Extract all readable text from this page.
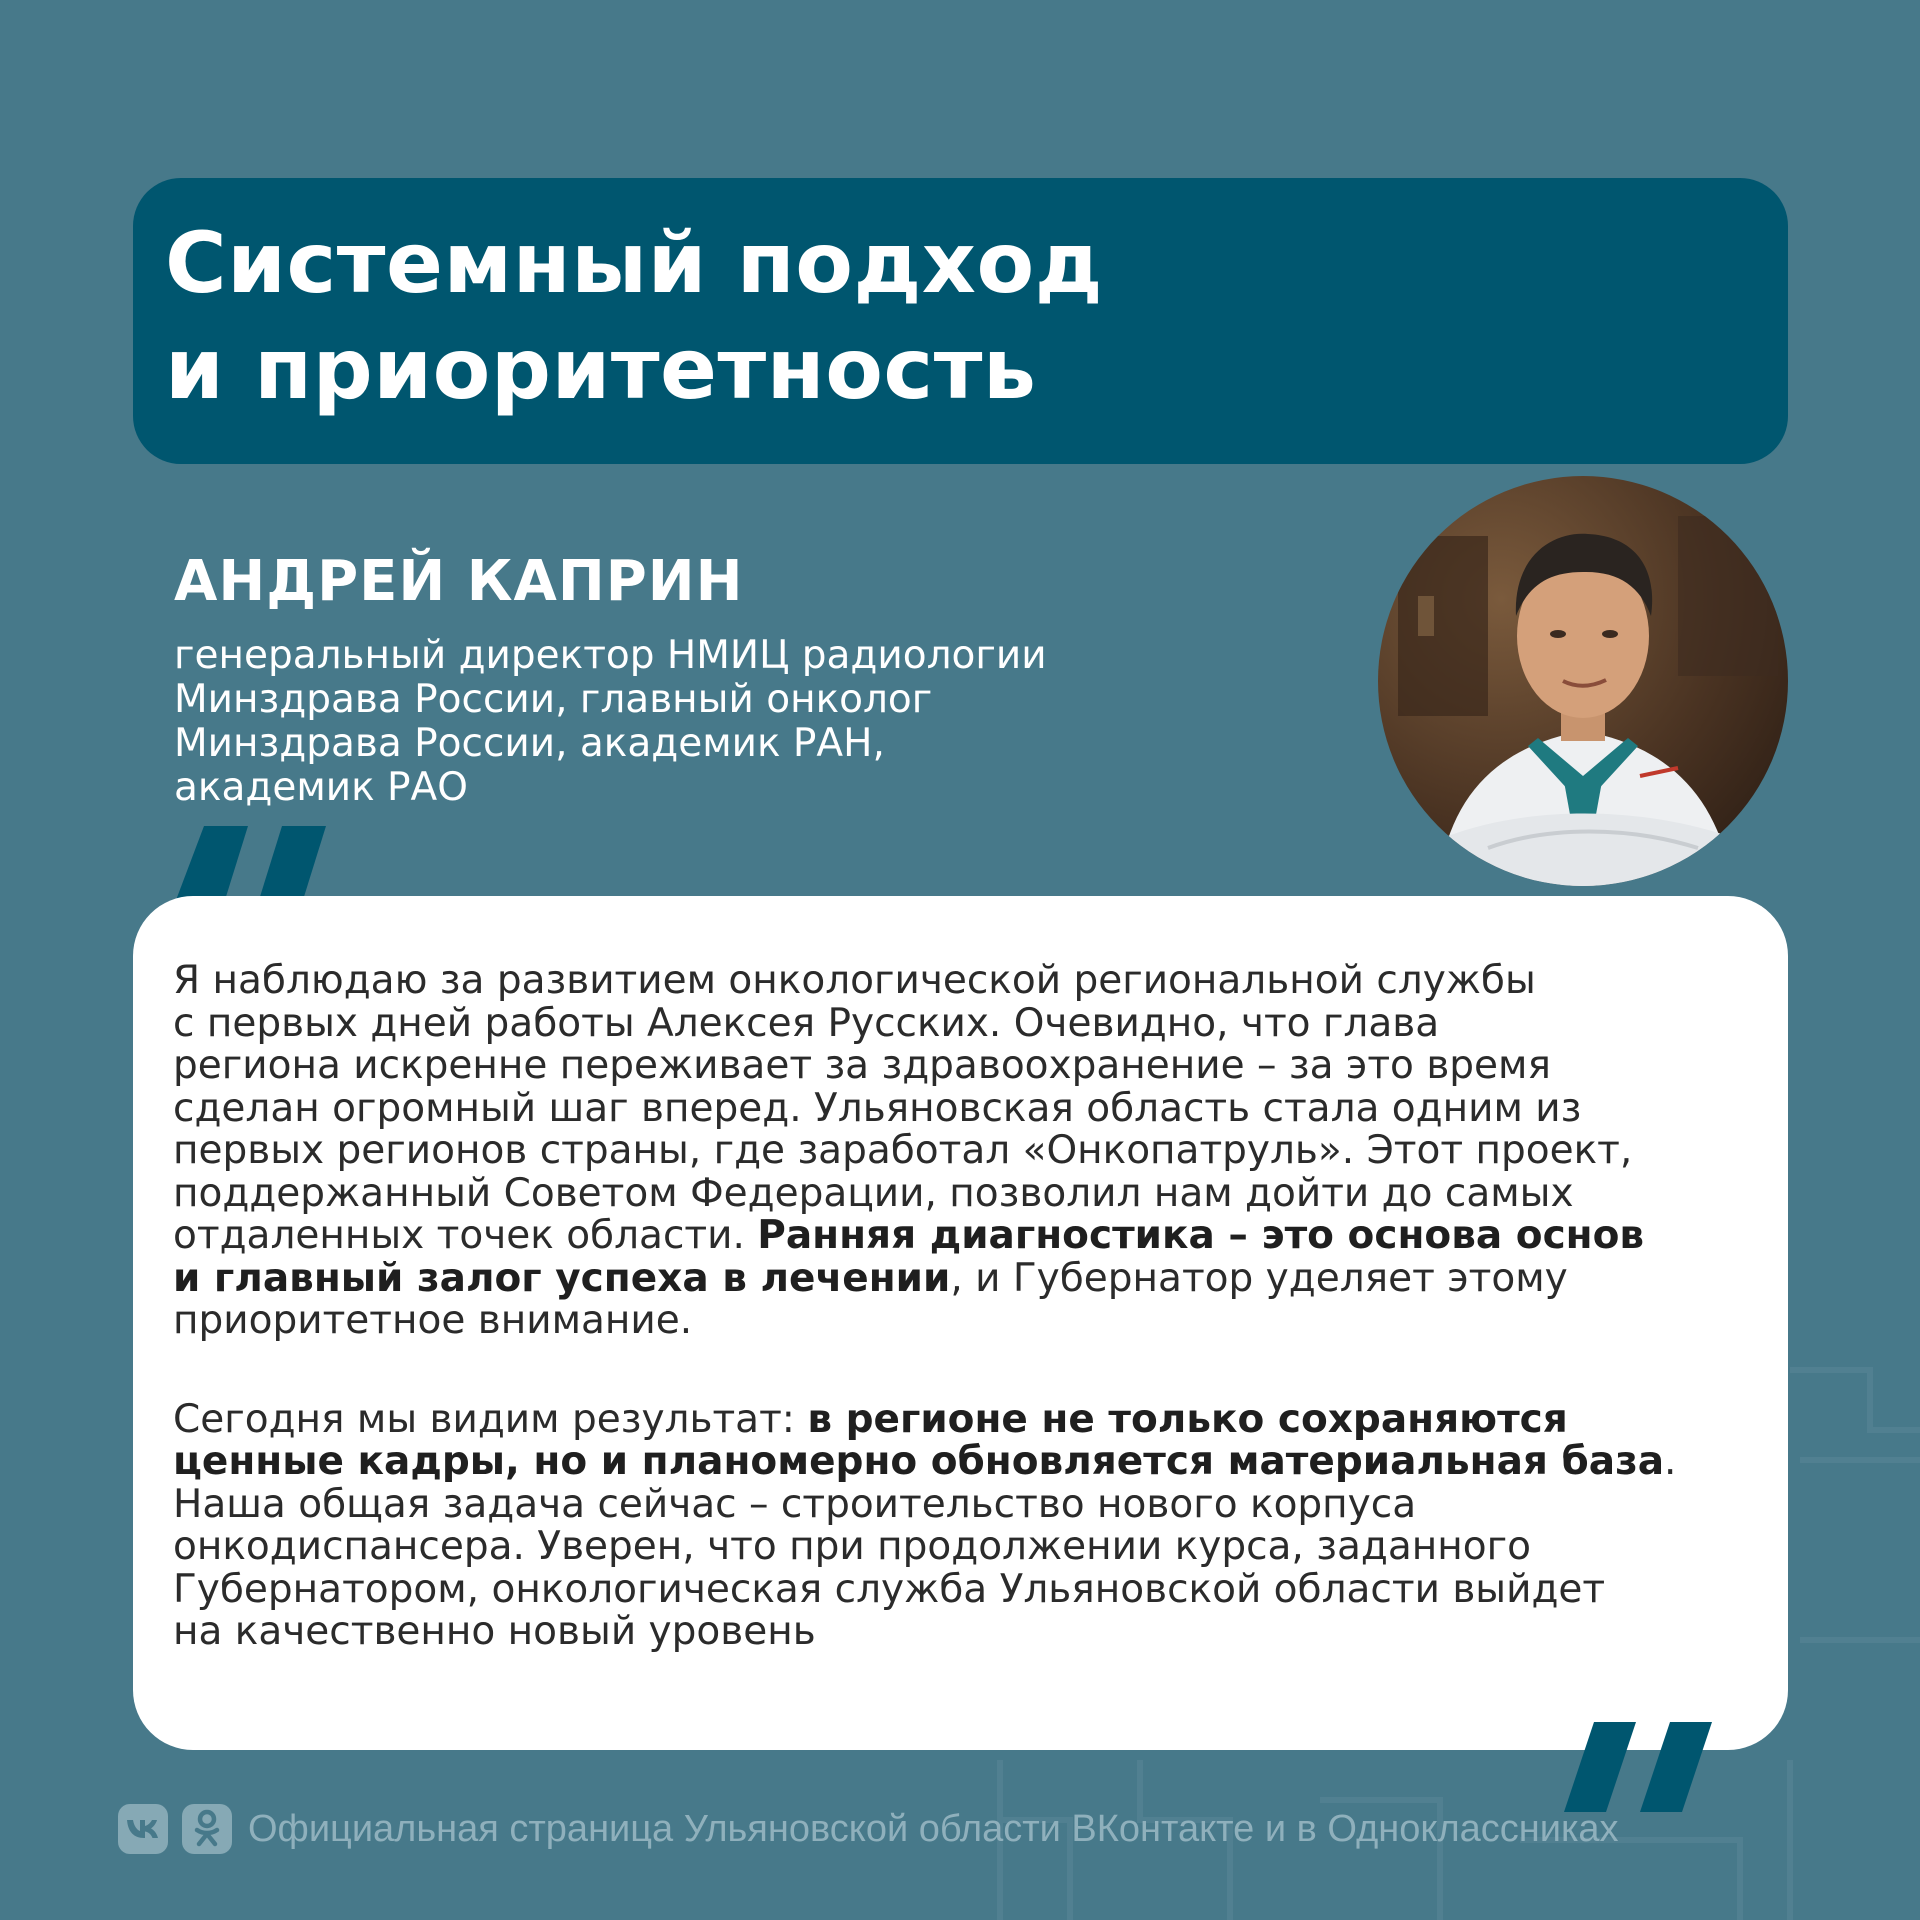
Системный подход
и приоритетность
АНДРЕЙ КАПРИН
генеральный директор НМИЦ радиологии
Минздрава России, главный онколог
Минздрава России, академик РАН,
академик РАО
Я наблюдаю за развитием онкологической региональной службы
с первых дней работы Алексея Русских. Очевидно, что глава
региона искренне переживает за здравоохранение – за это время
сделан огромный шаг вперед. Ульяновская область стала одним из
первых регионов страны, где заработал «Онкопатруль». Этот проект,
поддержанный Советом Федерации, позволил нам дойти до самых
отдаленных точек области. Ранняя диагностика – это основа основ
и главный залог успеха в лечении, и Губернатор уделяет этому
приоритетное внимание.
Сегодня мы видим результат: в регионе не только сохраняются
ценные кадры, но и планомерно обновляется материальная база.
Наша общая задача сейчас – строительство нового корпуса
онкодиспансера. Уверен, что при продолжении курса, заданного
Губернатором, онкологическая служба Ульяновской области выйдет
на качественно новый уровень
Официальная страница Ульяновской области ВКонтакте и в Одноклассниках
